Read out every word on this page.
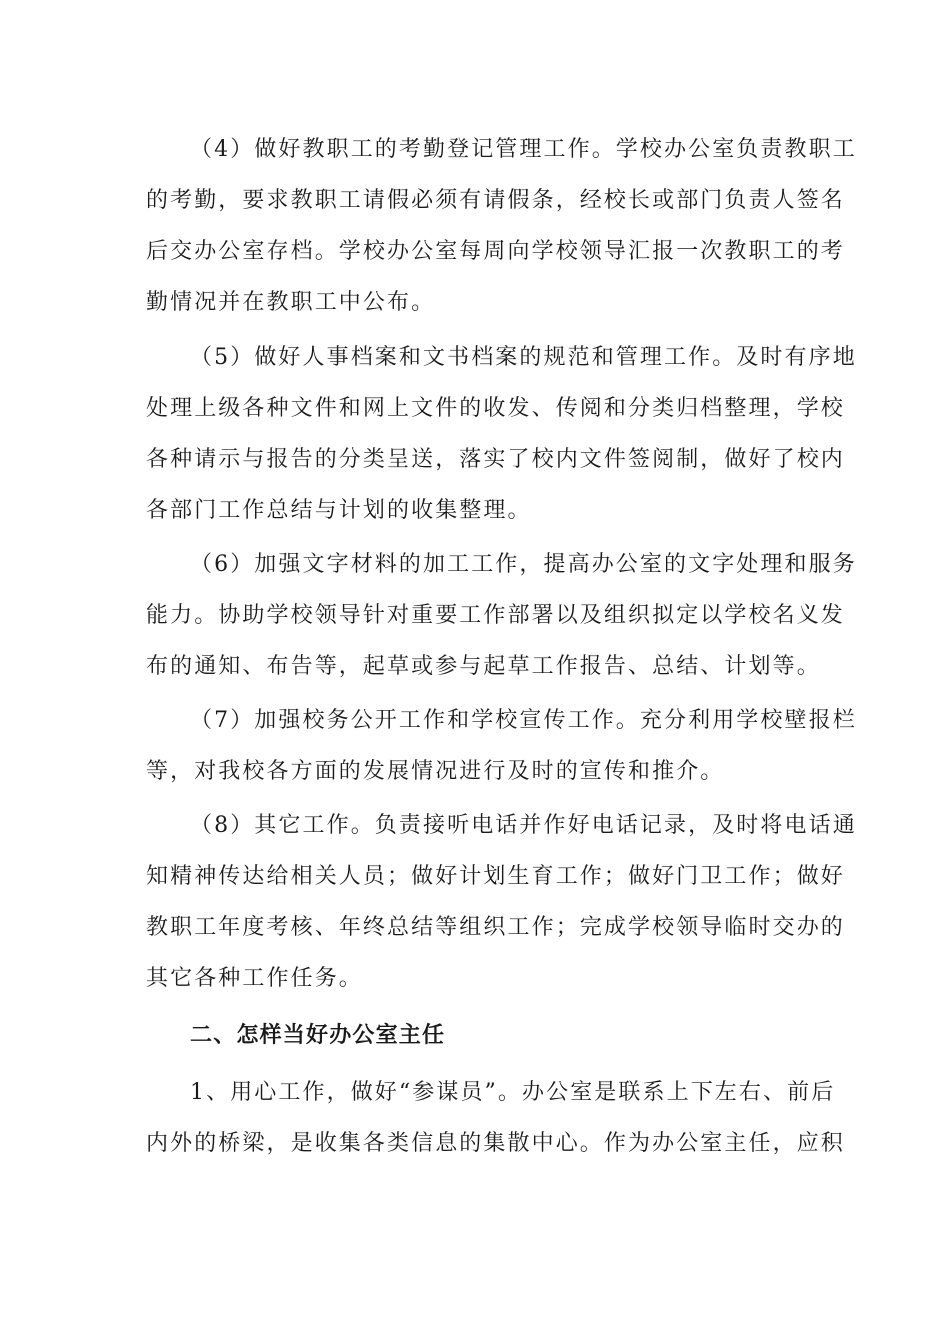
（4）做好教职工的考勤登记管理工作。学校办公室负责教职工
的考勤，要求教职工请假必须有请假条，经校长或部门负责人签名
后交办公室存档。学校办公室每周向学校领导汇报一次教职工的考
勤情况并在教职工中公布。
（5）做好人事档案和文书档案的规范和管理工作。及时有序地
处理上级各种文件和网上文件的收发、传阅和分类归档整理，学校
各种请示与报告的分类呈送，落实了校内文件签阅制，做好了校内
各部门工作总结与计划的收集整理。
（6）加强文字材料的加工工作，提高办公室的文字处理和服务
能力。协助学校领导针对重要工作部署以及组织拟定以学校名义发
布的通知、布告等，起草或参与起草工作报告、总结、计划等。
（7）加强校务公开工作和学校宣传工作。充分利用学校壁报栏
等，对我校各方面的发展情况进行及时的宣传和推介。
（8）其它工作。负责接听电话并作好电话记录，及时将电话通
知精神传达给相关人员；做好计划生育工作；做好门卫工作；做好
教职工年度考核、年终总结等组织工作；完成学校领导临时交办的
其它各种工作任务。
二、怎样当好办公室主任
1、用心工作，做好“参谋员”。办公室是联系上下左右、前后
内外的桥梁，是收集各类信息的集散中心。作为办公室主任，应积
